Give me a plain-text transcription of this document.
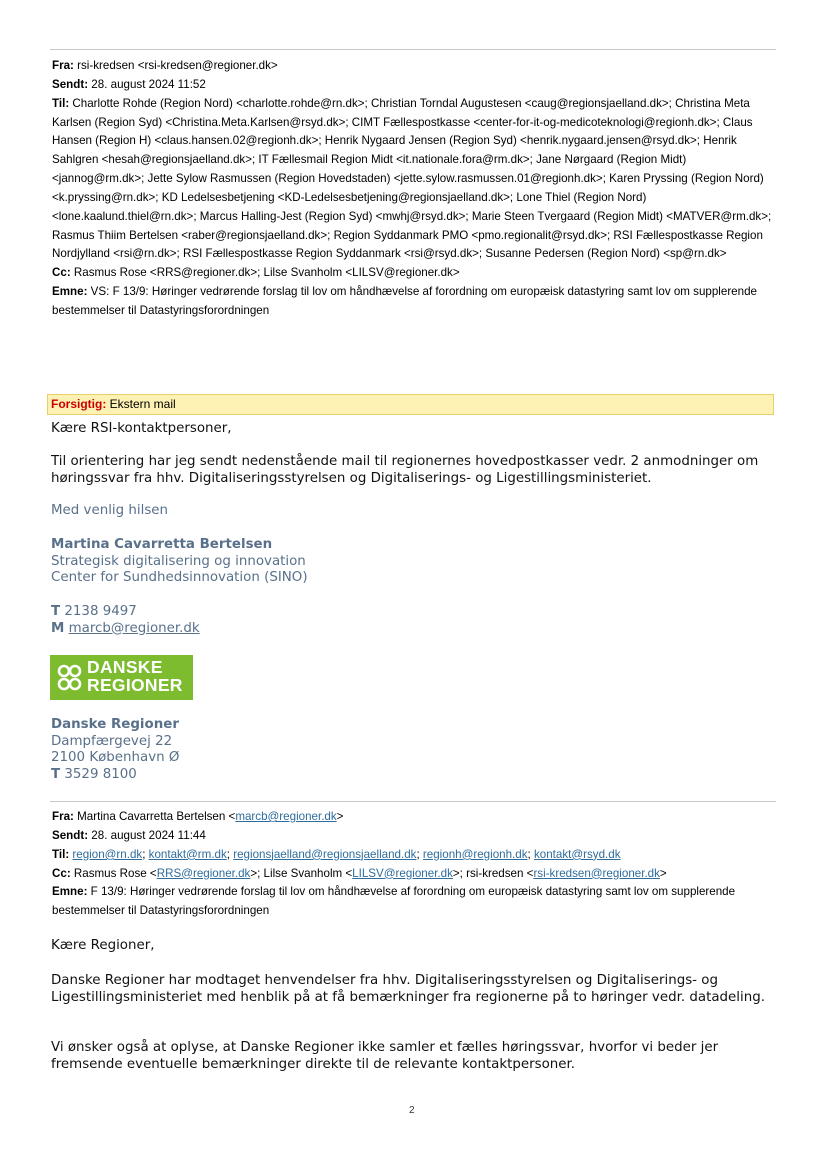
Fra: rsi-kredsen <rsi-kredsen@regioner.dk>
Sendt: 28. august 2024 11:52
Til: Charlotte Rohde (Region Nord) <charlotte.rohde@rn.dk>; Christian Torndal Augustesen <caug@regionsjaelland.dk>; Christina Meta Karlsen (Region Syd) <Christina.Meta.Karlsen@rsyd.dk>; CIMT Fællespostkasse <center-for-it-og-medicoteknologi@regionh.dk>; Claus Hansen (Region H) <claus.hansen.02@regionh.dk>; Henrik Nygaard Jensen (Region Syd) <henrik.nygaard.jensen@rsyd.dk>; Henrik Sahlgren <hesah@regionsjaelland.dk>; IT Fællesmail Region Midt <it.nationale.fora@rm.dk>; Jane Nørgaard (Region Midt) <jannog@rm.dk>; Jette Sylow Rasmussen (Region Hovedstaden) <jette.sylow.rasmussen.01@regionh.dk>; Karen Pryssing (Region Nord) <k.pryssing@rn.dk>; KD Ledelsesbetjening <KD-Ledelsesbetjening@regionsjaelland.dk>; Lone Thiel (Region Nord) <lone.kaalund.thiel@rn.dk>; Marcus Halling-Jest (Region Syd) <mwhj@rsyd.dk>; Marie Steen Tvergaard (Region Midt) <MATVER@rm.dk>; Rasmus Thiim Bertelsen <raber@regionsjaelland.dk>; Region Syddanmark PMO <pmo.regionalit@rsyd.dk>; RSI Fællespostkasse Region Nordjylland <rsi@rn.dk>; RSI Fællespostkasse Region Syddanmark <rsi@rsyd.dk>; Susanne Pedersen (Region Nord) <sp@rn.dk>
Cc: Rasmus Rose <RRS@regioner.dk>; Lilse Svanholm <LILSV@regioner.dk>
Emne: VS: F 13/9: Høringer vedrørende forslag til lov om håndhævelse af forordning om europæisk datastyring samt lov om supplerende bestemmelser til Datastyringsforordningen
Forsigtig: Ekstern mail
Kære RSI-kontaktpersoner,
Til orientering har jeg sendt nedenstående mail til regionernes hovedpostkasser vedr. 2 anmodninger om høringssvar fra hhv. Digitaliseringsstyrelsen og Digitaliserings- og Ligestillingsministeriet.
Med venlig hilsen
Martina Cavarretta Bertelsen
Strategisk digitalisering og innovation
Center for Sundhedsinnovation (SINO)
T 2138 9497
M marcb@regioner.dk
DANSKE
REGIONER
Danske Regioner
Dampfærgevej 22
2100 København Ø
T 3529 8100
Fra: Martina Cavarretta Bertelsen <marcb@regioner.dk>
Sendt: 28. august 2024 11:44
Til: region@rn.dk; kontakt@rm.dk; regionsjaelland@regionsjaelland.dk; regionh@regionh.dk; kontakt@rsyd.dk
Cc: Rasmus Rose <RRS@regioner.dk>; Lilse Svanholm <LILSV@regioner.dk>; rsi-kredsen <rsi-kredsen@regioner.dk>
Emne: F 13/9: Høringer vedrørende forslag til lov om håndhævelse af forordning om europæisk datastyring samt lov om supplerende bestemmelser til Datastyringsforordningen
Kære Regioner,
Danske Regioner har modtaget henvendelser fra hhv. Digitaliseringsstyrelsen og Digitaliserings- og Ligestillingsministeriet med henblik på at få bemærkninger fra regionerne på to høringer vedr. datadeling.
Vi ønsker også at oplyse, at Danske Regioner ikke samler et fælles høringssvar, hvorfor vi beder jer fremsende eventuelle bemærkninger direkte til de relevante kontaktpersoner.
2
